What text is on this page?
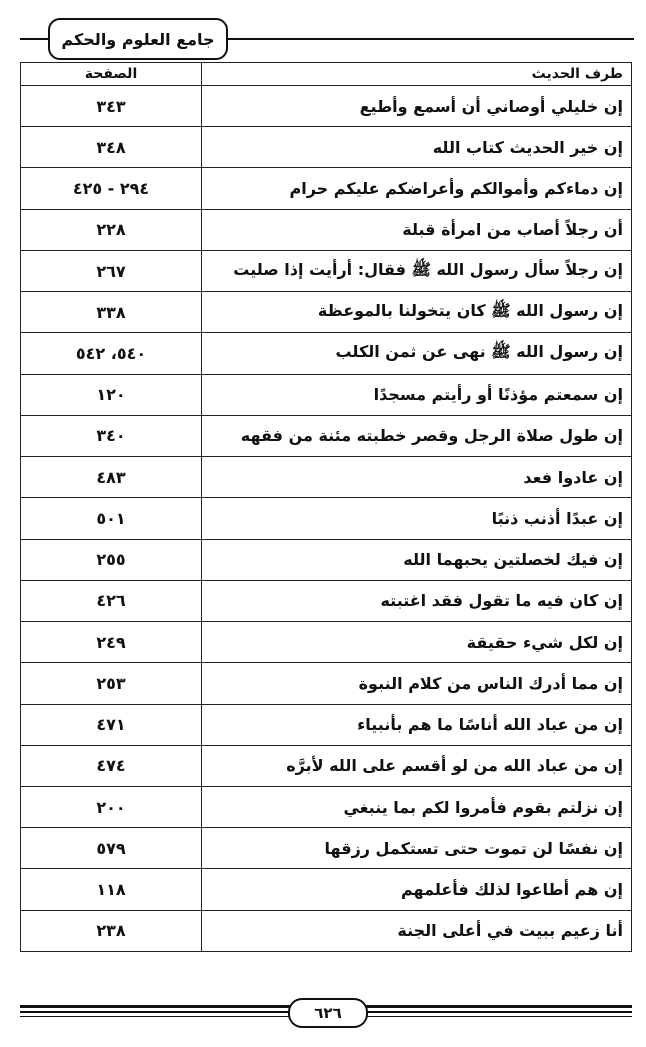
جامع العلوم والحكم
طرف الحديث	الصفحة
إن خليلي أوصاني أن أسمع وأطيع	٣٤٣
إن خير الحديث كتاب الله	٣٤٨
إن دماءكم وأموالكم وأعراضكم عليكم حرام	٢٩٤ - ٤٢٥
أن رجلاً أصاب من امرأة قبلة	٢٢٨
إن رجلاً سأل رسول الله ﷺ فقال: أرأيت إذا صليت	٢٦٧
إن رسول الله ﷺ كان يتخولنا بالموعظة	٣٣٨
إن رسول الله ﷺ نهى عن ثمن الكلب	٥٤٠، ٥٤٢
إن سمعتم مؤذنًا أو رأيتم مسجدًا	١٢٠
إن طول صلاة الرجل وقصر خطبته مئنة من فقهه	٣٤٠
إن عادوا فعد	٤٨٣
إن عبدًا أذنب ذنبًا	٥٠١
إن فيك لخصلتين يحبهما الله	٢٥٥
إن كان فيه ما تقول فقد اغتبته	٤٢٦
إن لكل شيء حقيقة	٢٤٩
إن مما أدرك الناس من كلام النبوة	٢٥٣
إن من عباد الله أناسًا ما هم بأنبياء	٤٧١
إن من عباد الله من لو أقسم على الله لأبرَّه	٤٧٤
إن نزلتم بقوم فأمروا لكم بما ينبغي	٢٠٠
إن نفسًا لن تموت حتى تستكمل رزقها	٥٧٩
إن هم أطاعوا لذلك فأعلمهم	١١٨
أنا زعيم ببيت في أعلى الجنة	٢٣٨
٦٢٦
